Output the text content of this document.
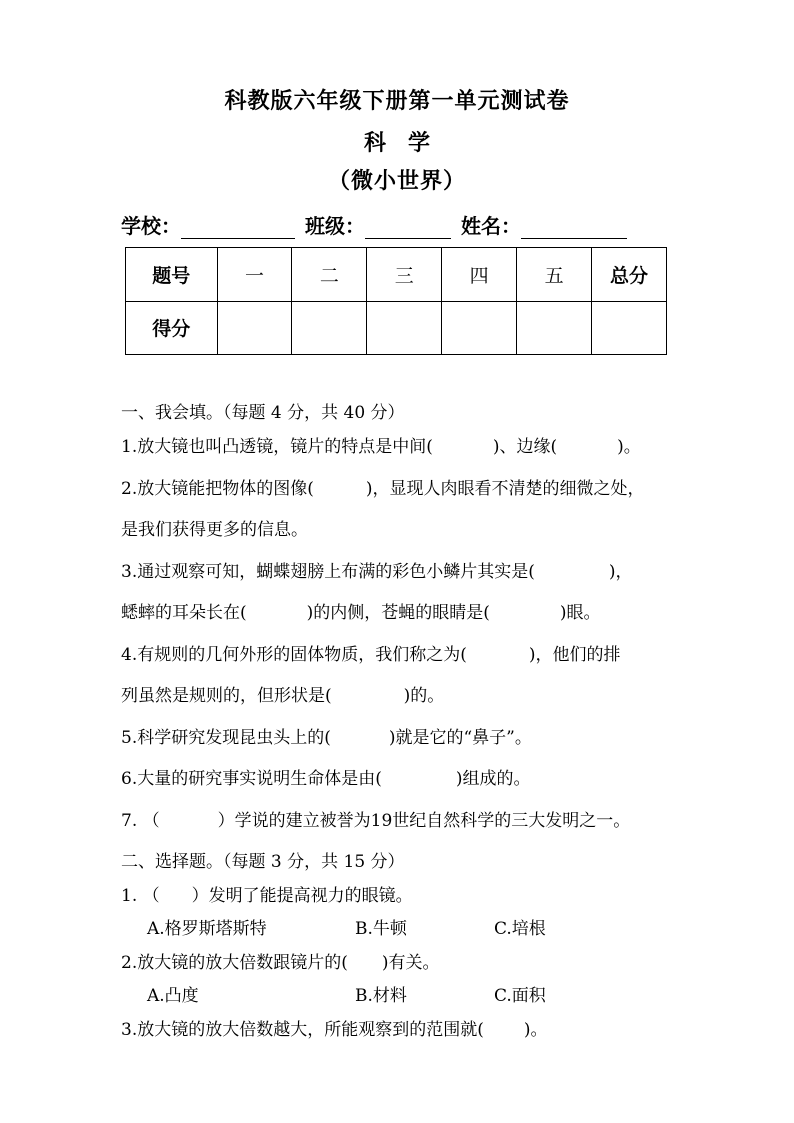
科教版六年级下册第一单元测试卷
科　学
（微小世界）
学校：	班级：	姓名：
题号	一	二	三	四	五	总分
得分						
一、我会填。（每题 4 分，共 40 分）
1.放大镜也叫凸透镜，镜片的特点是中间(	)、边缘(	)。
2.放大镜能把物体的图像(	)，显现人肉眼看不清楚的细微之处，
是我们获得更多的信息。
3.通过观察可知，蝴蝶翅膀上布满的彩色小鳞片其实是(	)，
蟋蟀的耳朵长在(	)的内侧，苍蝇的眼睛是(	)眼。
4.有规则的几何外形的固体物质，我们称之为(	)，他们的排
列虽然是规则的，但形状是(	)的。
5.科学研究发现昆虫头上的(	)就是它的“鼻子”。
6.大量的研究事实说明生命体是由(	)组成的。
7. （	）学说的建立被誉为19世纪自然科学的三大发明之一。
二、选择题。（每题 3 分，共 15 分）
1. （ ）发明了能提高视力的眼镜。
A.格罗斯塔斯特	B.牛顿	C.培根
2.放大镜的放大倍数跟镜片的( )有关。
A.凸度	B.材料	C.面积
3.放大镜的放大倍数越大，所能观察到的范围就( )。
